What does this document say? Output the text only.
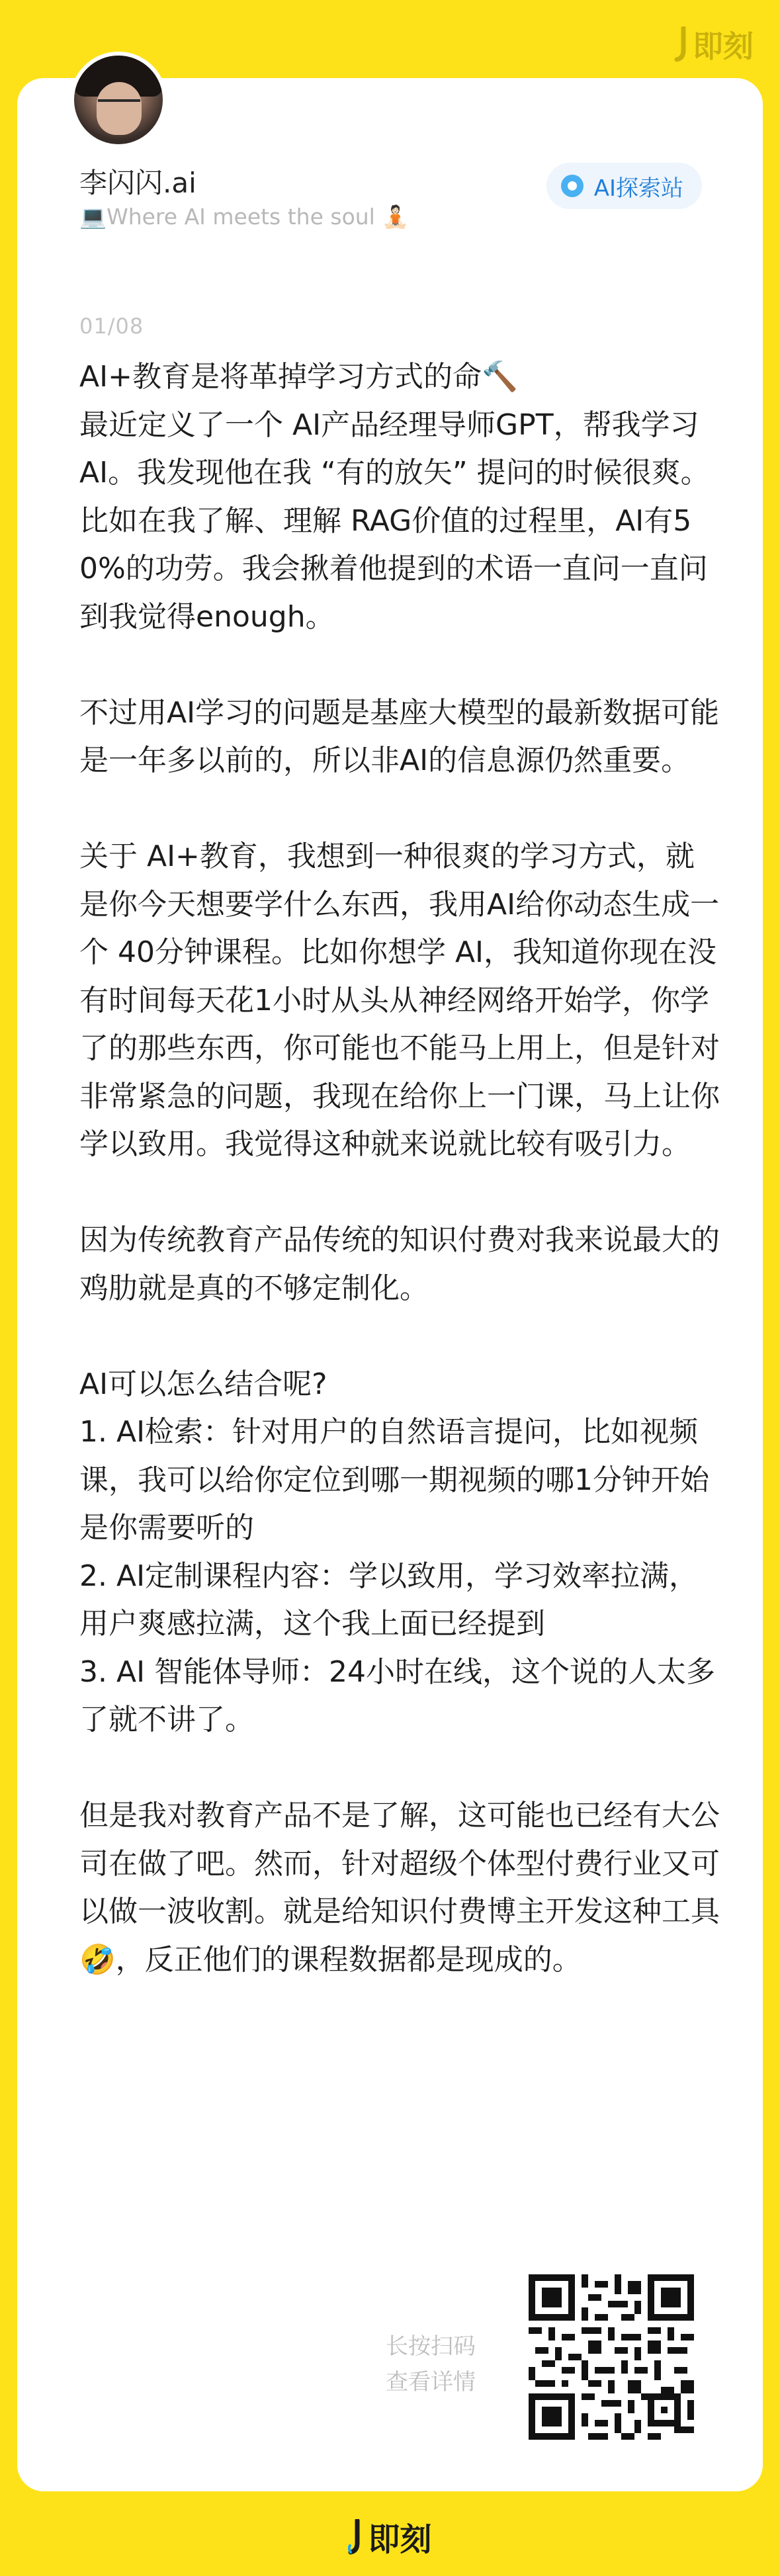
即刻
李闪闪.ai
💻Where AI meets the soul 🧘🏻
AI探索站
01/08

AI+教育是将革掉学习方式的命🔨

最近定义了一个 AI产品经理导师GPT，帮我学习 AI。我发现他在我 “有的放矢” 提问的时候很爽。比如在我了解、理解 RAG价值的过程里，AI有50%的功劳。我会揪着他提到的术语一直问一直问到我觉得enough。

不过用AI学习的问题是基座大模型的最新数据可能是一年多以前的，所以非AI的信息源仍然重要。

关于 AI+教育，我想到一种很爽的学习方式，就是你今天想要学什么东西，我用AI给你动态生成一个 40分钟课程。比如你想学 AI，我知道你现在没有时间每天花1小时从头从神经网络开始学，你学了的那些东西，你可能也不能马上用上，但是针对非常紧急的问题，我现在给你上一门课，马上让你学以致用。我觉得这种就来说就比较有吸引力。

因为传统教育产品传统的知识付费对我来说最大的鸡肋就是真的不够定制化。

AI可以怎么结合呢?

1. AI检索：针对用户的自然语言提问，比如视频课，我可以给你定位到哪一期视频的哪1分钟开始是你需要听的

2. AI定制课程内容：学以致用，学习效率拉满，用户爽感拉满，这个我上面已经提到

3. AI 智能体导师：24小时在线，这个说的人太多了就不讲了。

但是我对教育产品不是了解，这可能也已经有大公司在做了吧。然而，针对超级个体型付费行业又可以做一波收割。就是给知识付费博主开发这种工具🤣，反正他们的课程数据都是现成的。

长按扫码
查看详情
即刻
